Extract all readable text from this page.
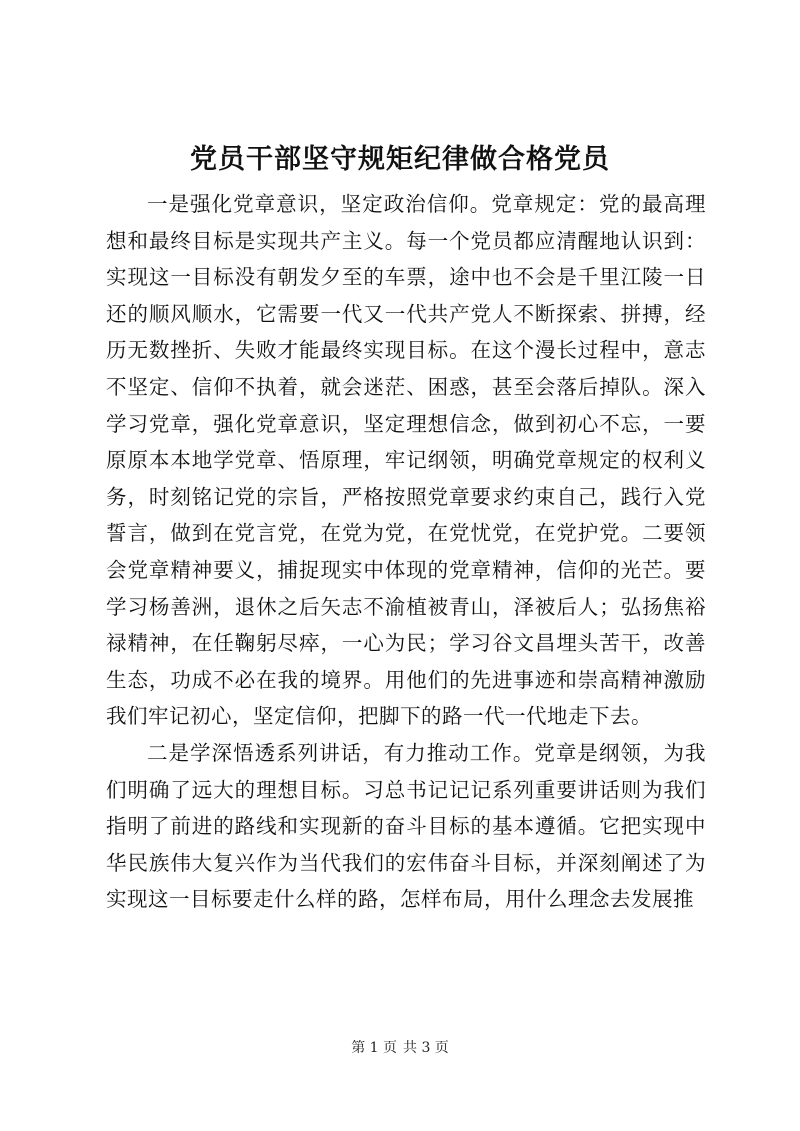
党员干部坚守规矩纪律做合格党员

一是强化党章意识，坚定政治信仰。党章规定：党的最高理想和最终目标是实现共产主义。每一个党员都应清醒地认识到：实现这一目标没有朝发夕至的车票，途中也不会是千里江陵一日还的顺风顺水，它需要一代又一代共产党人不断探索、拼搏，经历无数挫折、失败才能最终实现目标。在这个漫长过程中，意志不坚定、信仰不执着，就会迷茫、困惑，甚至会落后掉队。深入学习党章，强化党章意识，坚定理想信念，做到初心不忘，一要原原本本地学党章、悟原理，牢记纲领，明确党章规定的权利义务，时刻铭记党的宗旨，严格按照党章要求约束自己，践行入党誓言，做到在党言党，在党为党，在党忧党，在党护党。二要领会党章精神要义，捕捉现实中体现的党章精神，信仰的光芒。要学习杨善洲，退休之后矢志不渝植被青山，泽被后人；弘扬焦裕禄精神，在任鞠躬尽瘁，一心为民；学习谷文昌埋头苦干，改善生态，功成不必在我的境界。用他们的先进事迹和崇高精神激励我们牢记初心，坚定信仰，把脚下的路一代一代地走下去。

二是学深悟透系列讲话，有力推动工作。党章是纲领，为我们明确了远大的理想目标。习总书记记记系列重要讲话则为我们指明了前进的路线和实现新的奋斗目标的基本遵循。它把实现中华民族伟大复兴作为当代我们的宏伟奋斗目标，并深刻阐述了为实现这一目标要走什么样的路，怎样布局，用什么理念去发展推

第 1 页 共 3 页
